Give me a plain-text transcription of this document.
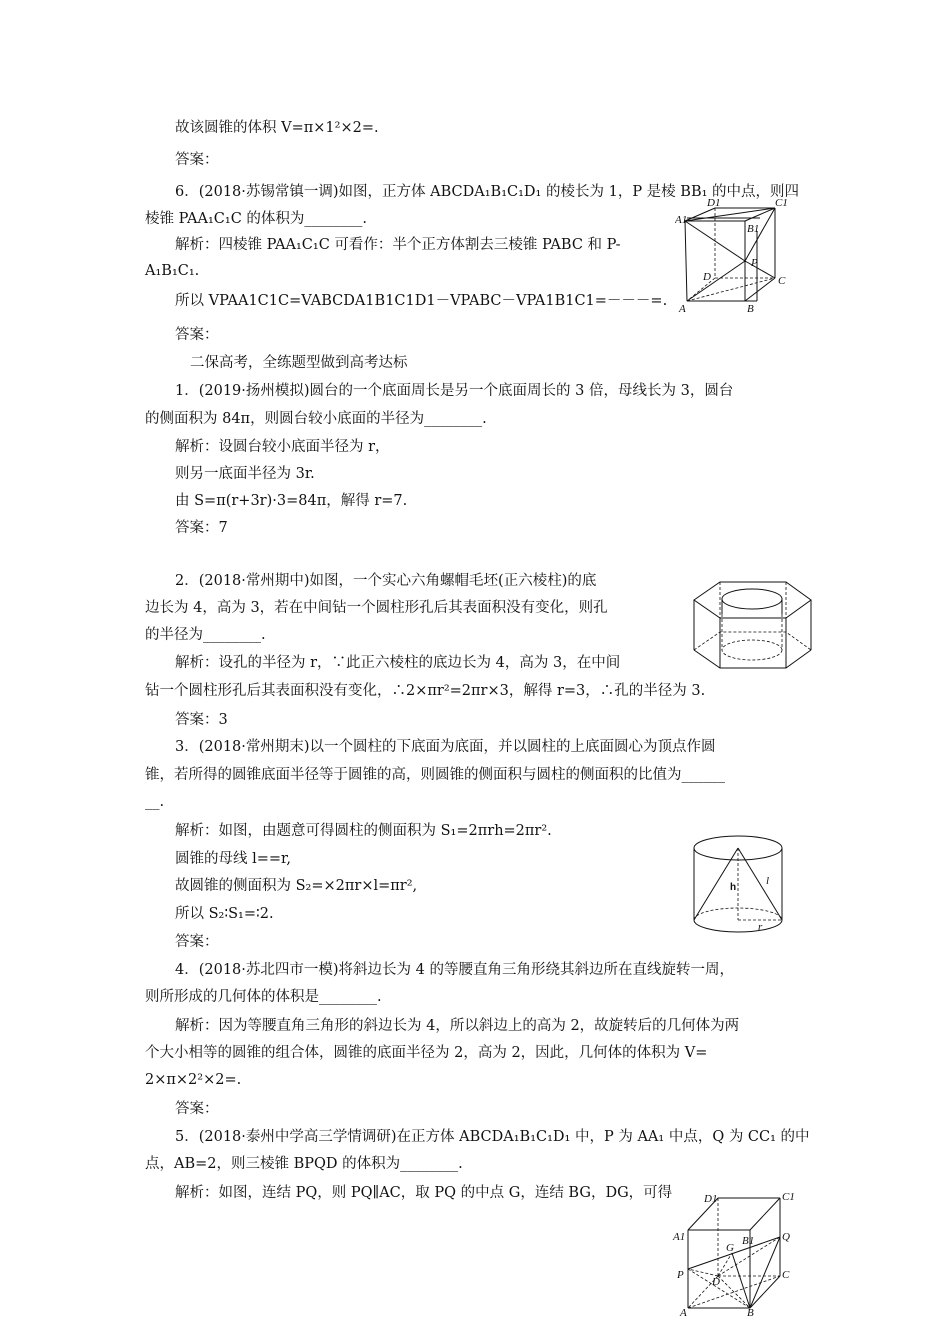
故该圆锥的体积 V=π×1²×2=.
答案：
6．(2018·苏锡常镇一调)如图，正方体 ABCDA₁B₁C₁D₁ 的棱长为 1，P 是棱 BB₁ 的中点，则四
棱锥 PAA₁C₁C 的体积为________.
解析：四棱锥 PAA₁C₁C 可看作：半个正方体割去三棱锥 PABC 和 P-
A₁B₁C₁.
所以 VPAA1C1C=VABCDA1B1C1D1－VPABC－VPA1B1C1=－－－=.
答案：
二保高考，全练题型做到高考达标
1．(2019·扬州模拟)圆台的一个底面周长是另一个底面周长的 3 倍，母线长为 3，圆台
的侧面积为 84π，则圆台较小底面的半径为________.
解析：设圆台较小底面半径为 r，
则另一底面半径为 3r.
由 S=π(r+3r)·3=84π，解得 r=7.
答案：7
2．(2018·常州期中)如图，一个实心六角螺帽毛坯(正六棱柱)的底
边长为 4，高为 3，若在中间钻一个圆柱形孔后其表面积没有变化，则孔
的半径为________.
解析：设孔的半径为 r，∵此正六棱柱的底边长为 4，高为 3，在中间
钻一个圆柱形孔后其表面积没有变化，∴2×πr²=2πr×3，解得 r=3，∴孔的半径为 3.
答案：3
3．(2018·常州期末)以一个圆柱的下底面为底面，并以圆柱的上底面圆心为顶点作圆
锥，若所得的圆锥底面半径等于圆锥的高，则圆锥的侧面积与圆柱的侧面积的比值为______
__.
解析：如图，由题意可得圆柱的侧面积为 S₁=2πrh=2πr².
圆锥的母线 l==r,
故圆锥的侧面积为 S₂=×2πr×l=πr²,
所以 S₂∶S₁=∶2.
答案：
4．(2018·苏北四市一模)将斜边长为 4 的等腰直角三角形绕其斜边所在直线旋转一周，
则所形成的几何体的体积是________.
解析：因为等腰直角三角形的斜边长为 4，所以斜边上的高为 2，故旋转后的几何体为两
个大小相等的圆锥的组合体，圆锥的底面半径为 2，高为 2，因此，几何体的体积为 V=
2×π×2²×2=.
答案：
5．(2018·泰州中学高三学情调研)在正方体 ABCDA₁B₁C₁D₁ 中，P 为 AA₁ 中点，Q 为 CC₁ 的中
点，AB=2，则三棱锥 BPQD 的体积为________.
解析：如图，连结 PQ，则 PQ∥AC，取 PQ 的中点 G，连结 BG，DG，可得
D1	C1
A1
B1
P
D	C
A	B
h
l
r
D1	C1
A1	B1
G
Q
P
D
C
A	B
